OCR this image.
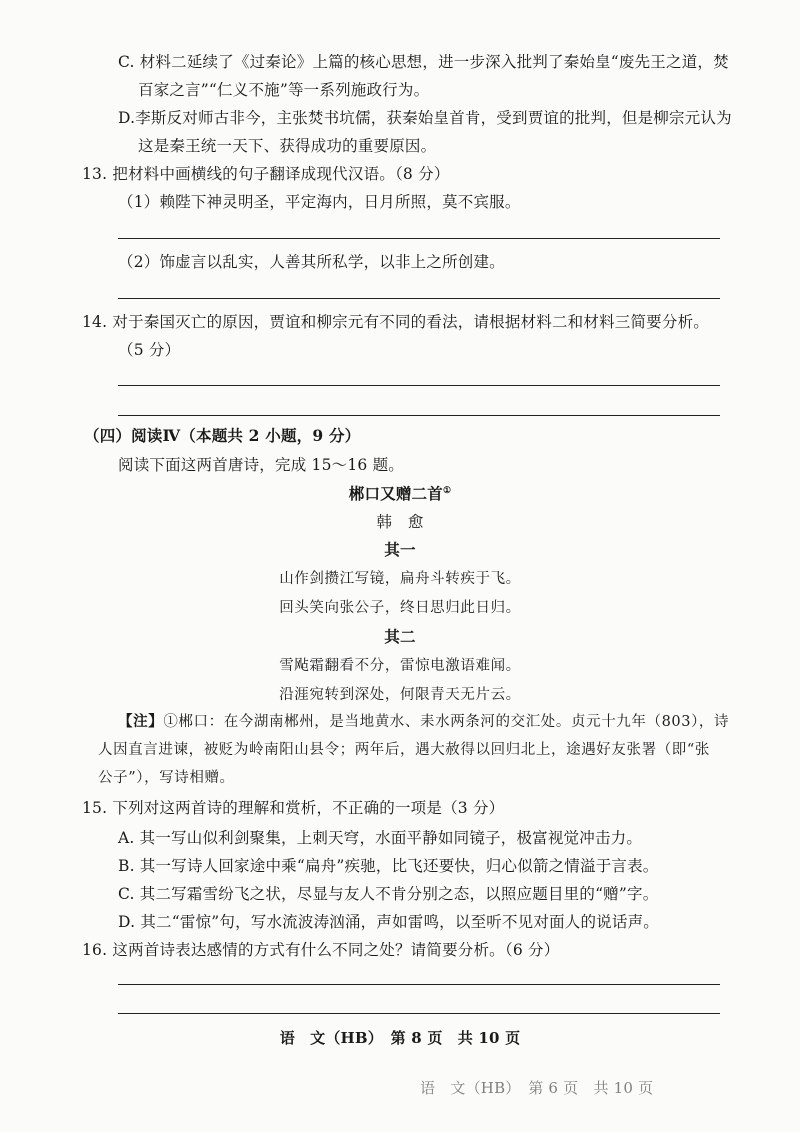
C. 材料二延续了《过秦论》上篇的核心思想，进一步深入批判了秦始皇“废先王之道，焚
百家之言”“仁义不施”等一系列施政行为。
D.李斯反对师古非今，主张焚书坑儒，获秦始皇首肯，受到贾谊的批判，但是柳宗元认为
这是秦王统一天下、获得成功的重要原因。
13. 把材料中画横线的句子翻译成现代汉语。（8 分）
（1）赖陛下神灵明圣，平定海内，日月所照，莫不宾服。
（2）饰虚言以乱实，人善其所私学，以非上之所创建。
14. 对于秦国灭亡的原因，贾谊和柳宗元有不同的看法，请根据材料二和材料三简要分析。
（5 分）
（四）阅读Ⅳ（本题共 2 小题，9 分）
阅读下面这两首唐诗，完成 15～16 题。
郴口又赠二首①
韩　愈
其一
山作剑攒江写镜，扁舟斗转疾于飞。
回头笑向张公子，终日思归此日归。
其二
雪飐霜翻看不分，雷惊电激语难闻。
沿涯宛转到深处，何限青天无片云。
【注】①郴口：在今湖南郴州，是当地黄水、耒水两条河的交汇处。贞元十九年（803），诗
人因直言进谏，被贬为岭南阳山县令；两年后，遇大赦得以回归北上，途遇好友张署（即“张
公子”），写诗相赠。
15. 下列对这两首诗的理解和赏析，不正确的一项是（3 分）
A. 其一写山似利剑聚集，上刺天穹，水面平静如同镜子，极富视觉冲击力。
B. 其一写诗人回家途中乘“扁舟”疾驰，比飞还要快，归心似箭之情溢于言表。
C. 其二写霜雪纷飞之状，尽显与友人不肯分别之态，以照应题目里的“赠”字。
D. 其二“雷惊”句，写水流波涛汹涌，声如雷鸣，以至听不见对面人的说话声。
16. 这两首诗表达感情的方式有什么不同之处？请简要分析。（6 分）
语　文（HB）　第 8 页　共 10 页
语　文（HB）　第 6 页　共 10 页
